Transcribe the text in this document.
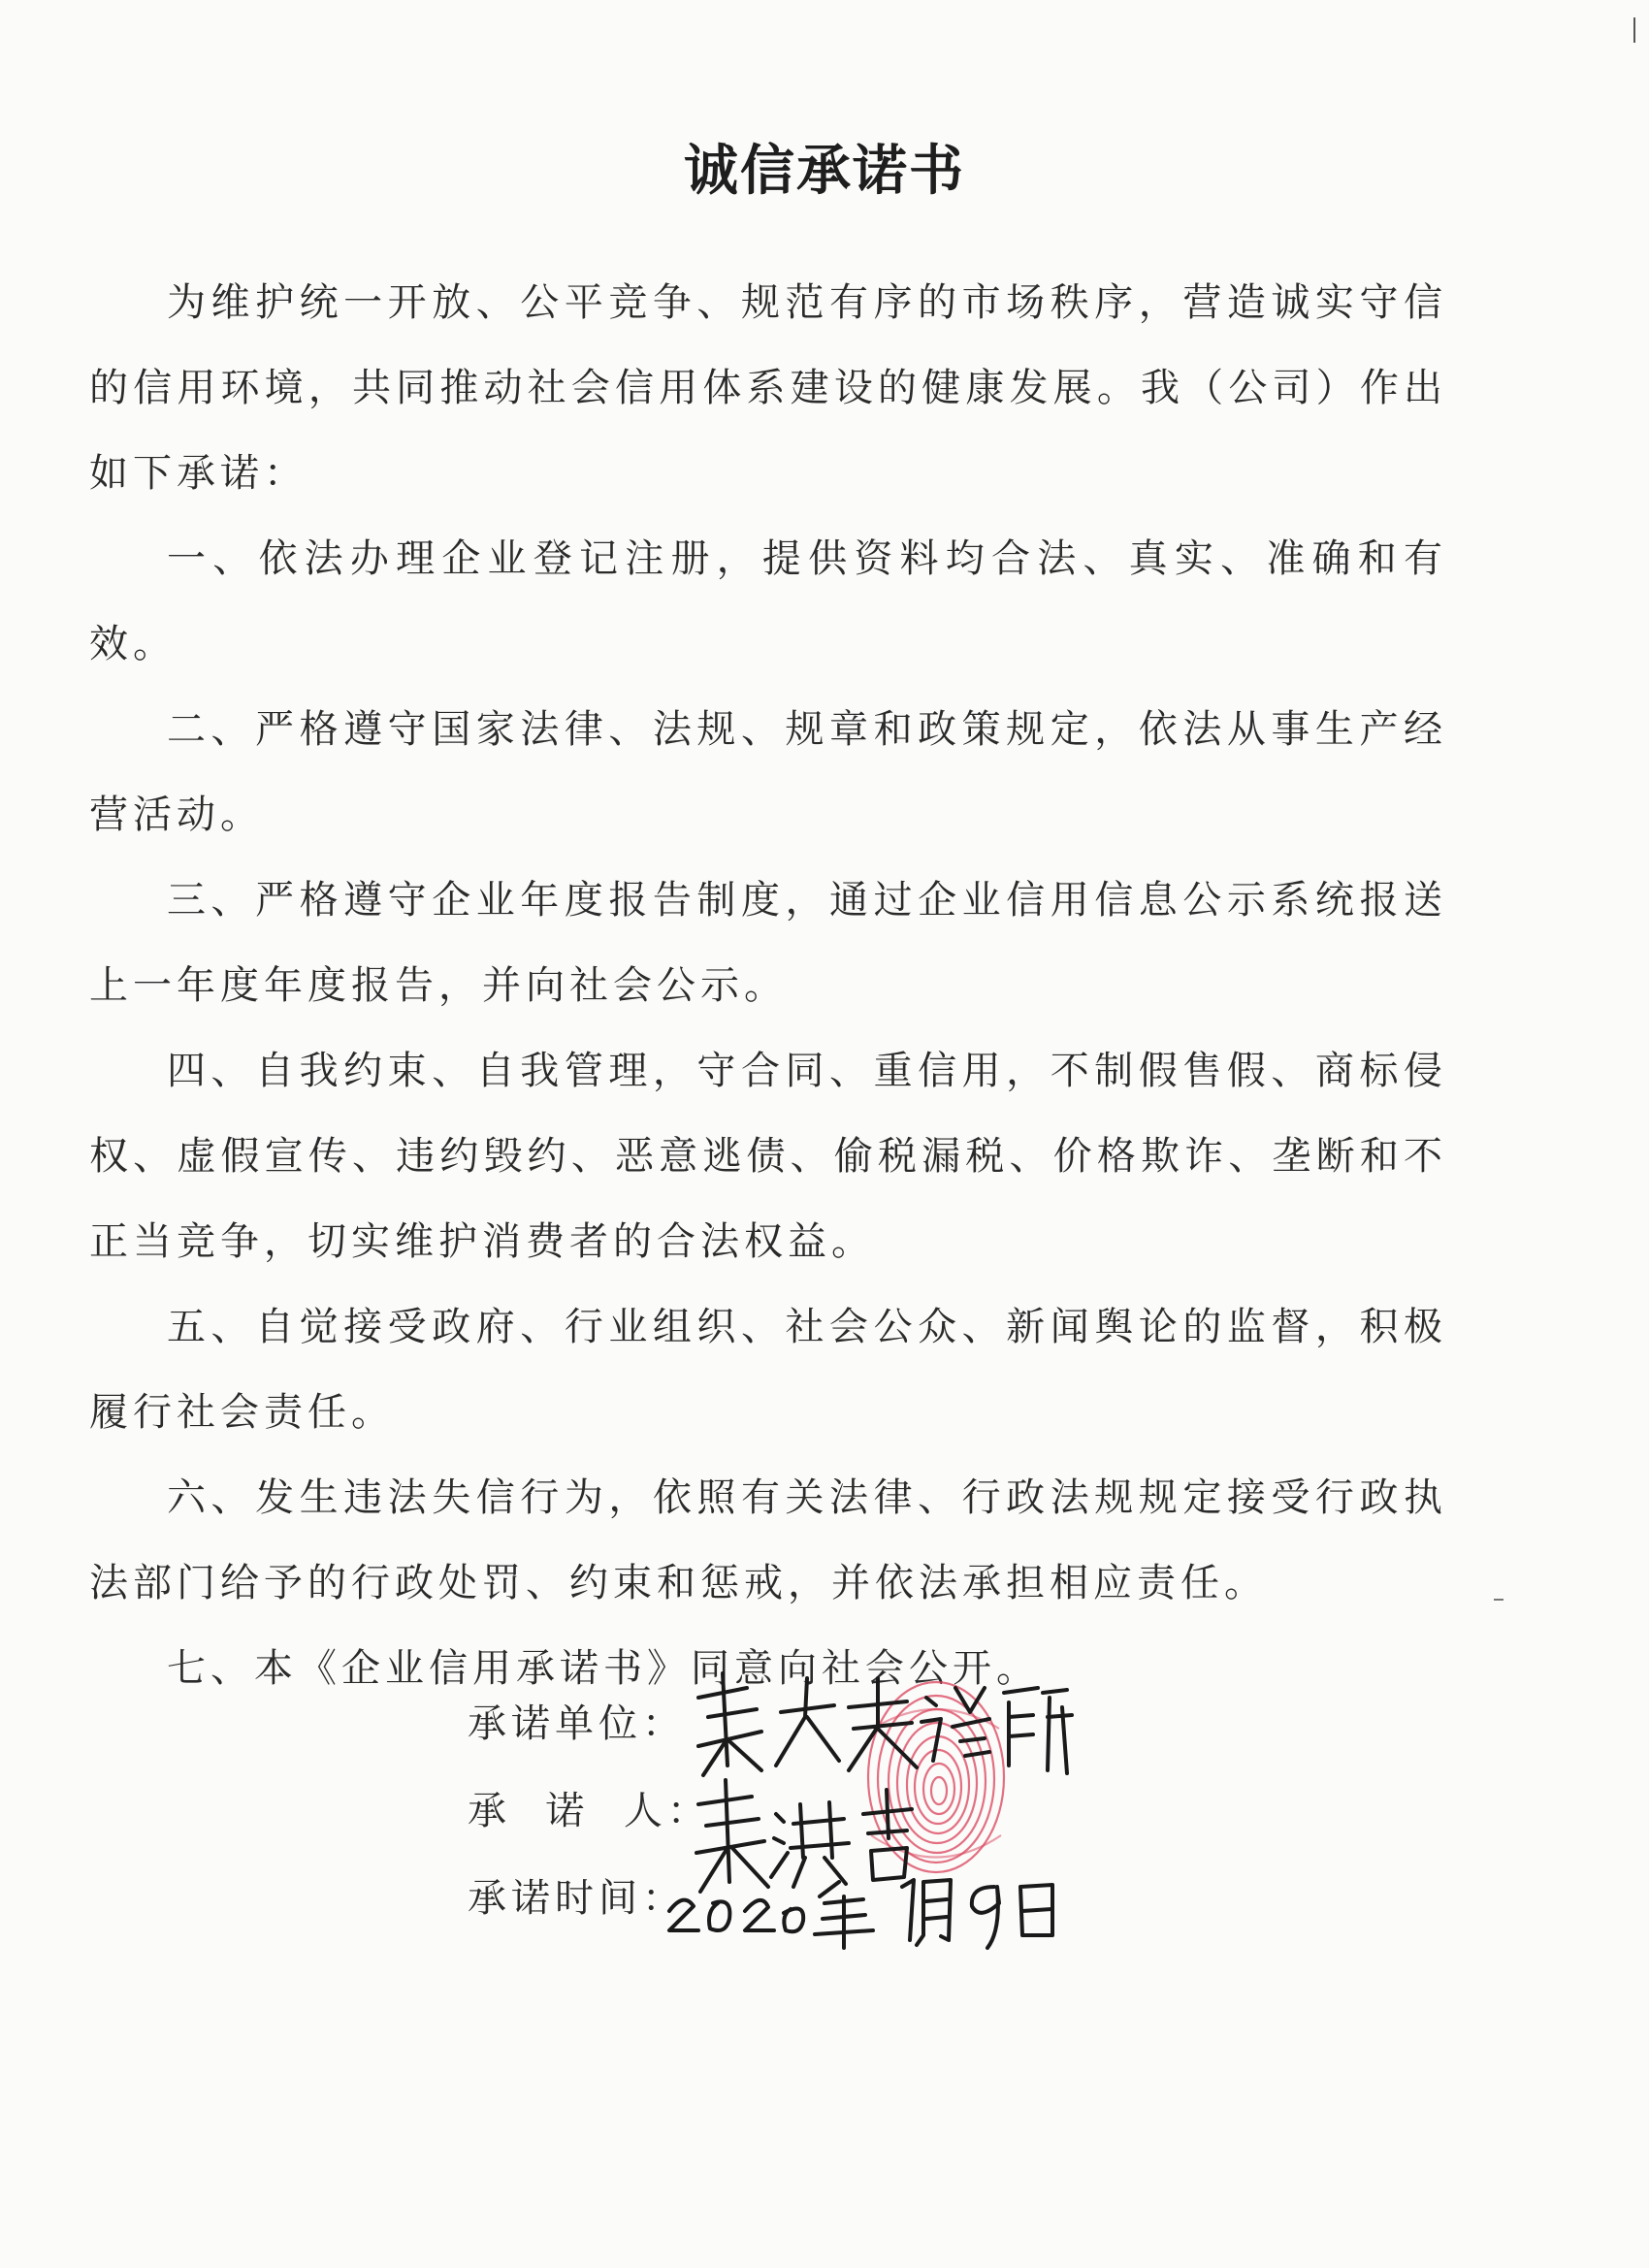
诚信承诺书

为维护统一开放、公平竞争、规范有序的市场秩序，营造诚实守信的信用环境，共同推动社会信用体系建设的健康发展。我（公司）作出如下承诺：

一、依法办理企业登记注册，提供资料均合法、真实、准确和有效。

二、严格遵守国家法律、法规、规章和政策规定，依法从事生产经营活动。

三、严格遵守企业年度报告制度，通过企业信用信息公示系统报送上一年度年度报告，并向社会公示。

四、自我约束、自我管理，守合同、重信用，不制假售假、商标侵权、虚假宣传、违约毁约、恶意逃债、偷税漏税、价格欺诈、垄断和不正当竞争，切实维护消费者的合法权益。

五、自觉接受政府、行业组织、社会公众、新闻舆论的监督，积极履行社会责任。

六、发生违法失信行为，依照有关法律、行政法规规定接受行政执法部门给予的行政处罚、约束和惩戒，并依法承担相应责任。

七、本《企业信用承诺书》同意向社会公开。

承诺单位：
承  诺  人：
承诺时间：
